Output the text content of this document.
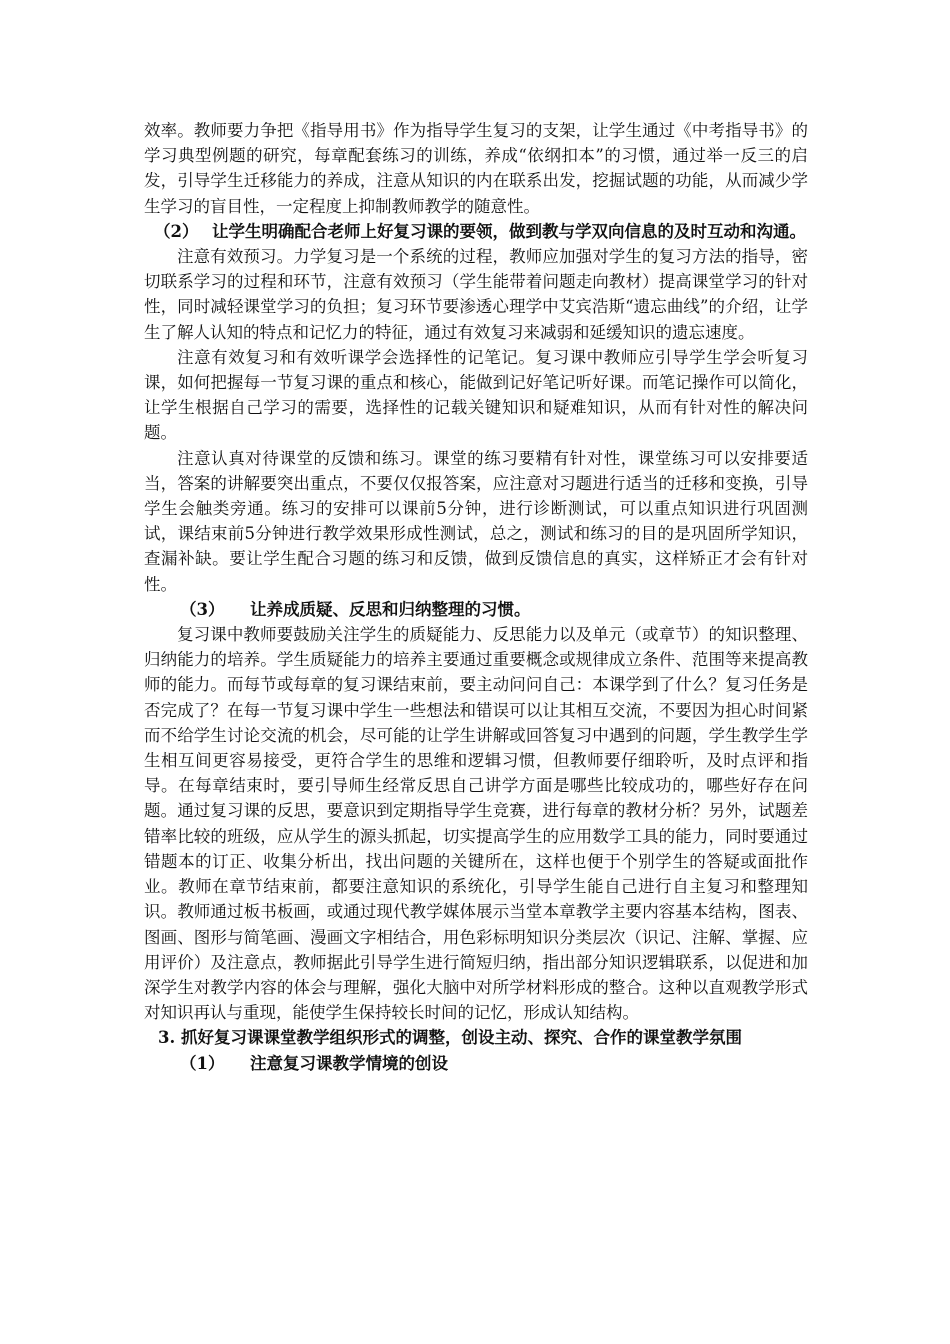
效率。教师要力争把《指导用书》作为指导学生复习的支架，让学生通过《中考指导书》的学习典型例题的研究，每章配套练习的训练，养成“依纲扣本”的习惯，通过举一反三的启发，引导学生迁移能力的养成，注意从知识的内在联系出发，挖掘试题的功能，从而减少学生学习的盲目性，一定程度上抑制教师教学的随意性。

（2） 让学生明确配合老师上好复习课的要领，做到教与学双向信息的及时互动和沟通。

注意有效预习。力学复习是一个系统的过程，教师应加强对学生的复习方法的指导，密切联系学习的过程和环节，注意有效预习（学生能带着问题走向教材）提高课堂学习的针对性，同时减轻课堂学习的负担；复习环节要渗透心理学中艾宾浩斯“遗忘曲线”的介绍，让学生了解人认知的特点和记忆力的特征，通过有效复习来减弱和延缓知识的遗忘速度。

注意有效复习和有效听课学会选择性的记笔记。复习课中教师应引导学生学会听复习课，如何把握每一节复习课的重点和核心，能做到记好笔记听好课。而笔记操作可以简化，让学生根据自己学习的需要，选择性的记载关键知识和疑难知识，从而有针对性的解决问题。

注意认真对待课堂的反馈和练习。课堂的练习要精有针对性，课堂练习可以安排要适当，答案的讲解要突出重点，不要仅仅报答案，应注意对习题进行适当的迁移和变换，引导学生会触类旁通。练习的安排可以课前5分钟，进行诊断测试，可以重点知识进行巩固测试，课结束前5分钟进行教学效果形成性测试，总之，测试和练习的目的是巩固所学知识，查漏补缺。要让学生配合习题的练习和反馈，做到反馈信息的真实，这样矫正才会有针对性。

（3） 让养成质疑、反思和归纳整理的习惯。

复习课中教师要鼓励关注学生的质疑能力、反思能力以及单元（或章节）的知识整理、归纳能力的培养。学生质疑能力的培养主要通过重要概念或规律成立条件、范围等来提高教师的能力。而每节或每章的复习课结束前，要主动问问自己：本课学到了什么？复习任务是否完成了？在每一节复习课中学生一些想法和错误可以让其相互交流，不要因为担心时间紧而不给学生讨论交流的机会，尽可能的让学生讲解或回答复习中遇到的问题，学生教学生学生相互间更容易接受，更符合学生的思维和逻辑习惯，但教师要仔细聆听，及时点评和指导。在每章结束时，要引导师生经常反思自己讲学方面是哪些比较成功的，哪些好存在问题。通过复习课的反思，要意识到定期指导学生竞赛，进行每章的教材分析？另外，试题差错率比较的班级，应从学生的源头抓起，切实提高学生的应用数学工具的能力，同时要通过错题本的订正、收集分析出，找出问题的关键所在，这样也便于个别学生的答疑或面批作业。教师在章节结束前，都要注意知识的系统化，引导学生能自己进行自主复习和整理知识。教师通过板书板画，或通过现代教学媒体展示当堂本章教学主要内容基本结构，图表、图画、图形与简笔画、漫画文字相结合，用色彩标明知识分类层次（识记、注解、掌握、应用评价）及注意点，教师据此引导学生进行简短归纳，指出部分知识逻辑联系，以促进和加深学生对教学内容的体会与理解，强化大脑中对所学材料形成的整合。这种以直观教学形式对知识再认与重现，能使学生保持较长时间的记忆，形成认知结构。

3. 抓好复习课课堂教学组织形式的调整，创设主动、探究、合作的课堂教学氛围

（1） 注意复习课教学情境的创设
